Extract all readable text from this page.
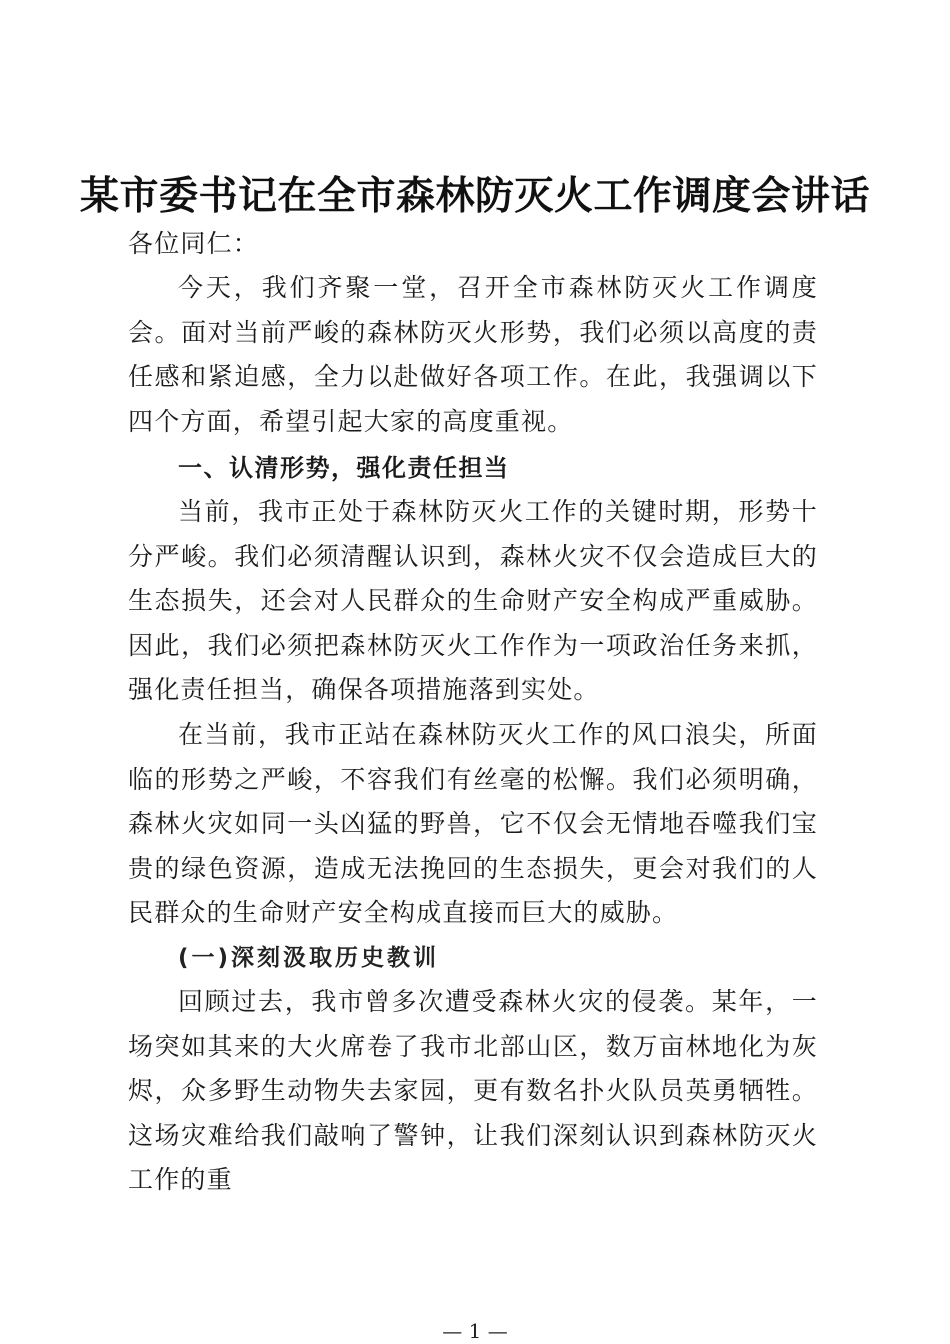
某市委书记在全市森林防灭火工作调度会讲话

各位同仁：

今天，我们齐聚一堂，召开全市森林防灭火工作调度会。面对当前严峻的森林防灭火形势，我们必须以高度的责任感和紧迫感，全力以赴做好各项工作。在此，我强调以下四个方面，希望引起大家的高度重视。

一、认清形势，强化责任担当

当前，我市正处于森林防灭火工作的关键时期，形势十分严峻。我们必须清醒认识到，森林火灾不仅会造成巨大的生态损失，还会对人民群众的生命财产安全构成严重威胁。因此，我们必须把森林防灭火工作作为一项政治任务来抓，强化责任担当，确保各项措施落到实处。

在当前，我市正站在森林防灭火工作的风口浪尖，所面临的形势之严峻，不容我们有丝毫的松懈。我们必须明确，森林火灾如同一头凶猛的野兽，它不仅会无情地吞噬我们宝贵的绿色资源，造成无法挽回的生态损失，更会对我们的人民群众的生命财产安全构成直接而巨大的威胁。

(一)深刻汲取历史教训

回顾过去，我市曾多次遭受森林火灾的侵袭。某年，一场突如其来的大火席卷了我市北部山区，数万亩林地化为灰烬，众多野生动物失去家园，更有数名扑火队员英勇牺牲。这场灾难给我们敲响了警钟，让我们深刻认识到森林防灭火工作的重

— 1 —
